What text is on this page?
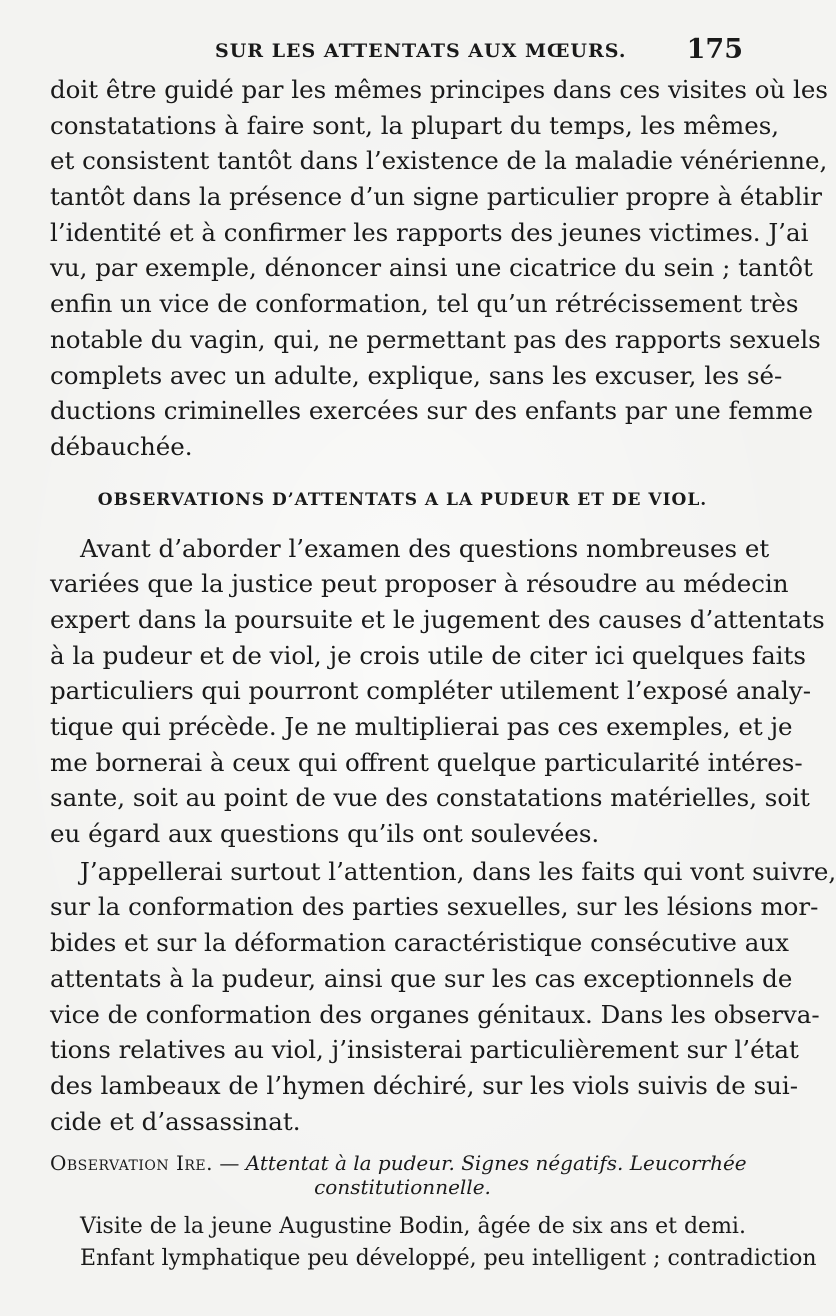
SUR LES ATTENTATS AUX MŒURS. 175
doit être guidé par les mêmes principes dans ces visites où les
constatations à faire sont, la plupart du temps, les mêmes,
et consistent tantôt dans l’existence de la maladie vénérienne,
tantôt dans la présence d’un signe particulier propre à établir
l’identité et à confirmer les rapports des jeunes victimes. J’ai
vu, par exemple, dénoncer ainsi une cicatrice du sein ; tantôt
enfin un vice de conformation, tel qu’un rétrécissement très
notable du vagin, qui, ne permettant pas des rapports sexuels
complets avec un adulte, explique, sans les excuser, les sé-
ductions criminelles exercées sur des enfants par une femme
débauchée.
OBSERVATIONS D’ATTENTATS A LA PUDEUR ET DE VIOL.
Avant d’aborder l’examen des questions nombreuses et
variées que la justice peut proposer à résoudre au médecin
expert dans la poursuite et le jugement des causes d’attentats
à la pudeur et de viol, je crois utile de citer ici quelques faits
particuliers qui pourront compléter utilement l’exposé analy-
tique qui précède. Je ne multiplierai pas ces exemples, et je
me bornerai à ceux qui offrent quelque particularité intéres-
sante, soit au point de vue des constatations matérielles, soit
eu égard aux questions qu’ils ont soulevées.
J’appellerai surtout l’attention, dans les faits qui vont suivre,
sur la conformation des parties sexuelles, sur les lésions mor-
bides et sur la déformation caractéristique consécutive aux
attentats à la pudeur, ainsi que sur les cas exceptionnels de
vice de conformation des organes génitaux. Dans les observa-
tions relatives au viol, j’insisterai particulièrement sur l’état
des lambeaux de l’hymen déchiré, sur les viols suivis de sui-
cide et d’assassinat.
Observation Ire. — Attentat à la pudeur. Signes négatifs. Leucorrhée
constitutionnelle.
Visite de la jeune Augustine Bodin, âgée de six ans et demi.
Enfant lymphatique peu développé, peu intelligent ; contradiction
